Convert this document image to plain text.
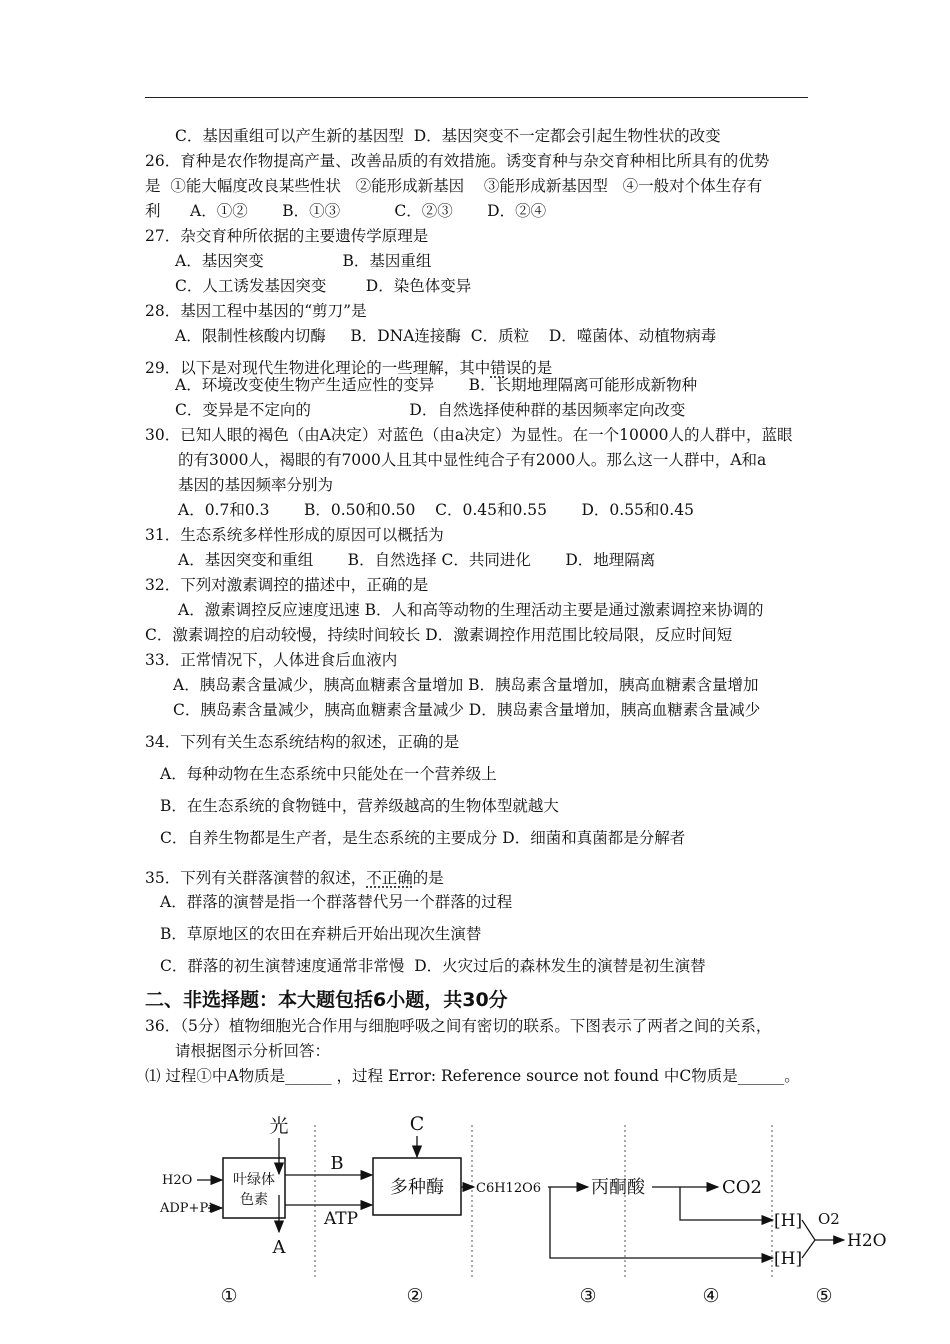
C．基因重组可以产生新的基因型  D．基因突变不一定都会引起生物性状的改变
26．育种是农作物提高产量、改善品质的有效措施。诱变育种与杂交育种相比所具有的优势
是  ①能大幅度改良某些性状   ②能形成新基因    ③能形成新基因型   ④一般对个体生存有
利      A．①②       B．①③           C．②③       D．②④
27．杂交育种所依据的主要遗传学原理是
A．基因突变                B．基因重组
C．人工诱发基因突变        D．染色体变异
28．基因工程中基因的“剪刀”是
A．限制性核酸内切酶     B．DNA连接酶  C．质粒    D．噬菌体、动植物病毒
A．环境改变使生物产生适应性的变异       B．长期地理隔离可能形成新物种
C．变异是不定向的                    D．自然选择使种群的基因频率定向改变
30．已知人眼的褐色（由A决定）对蓝色（由a决定）为显性。在一个10000人的人群中，蓝眼
的有3000人，褐眼的有7000人且其中显性纯合子有2000人。那么这一人群中，A和a
基因的基因频率分别为
A．0.7和0.3       B．0.50和0.50    C．0.45和0.55       D．0.55和0.45
31．生态系统多样性形成的原因可以概括为
A．基因突变和重组       B．自然选择 C．共同进化       D．地理隔离
32．下列对激素调控的描述中，正确的是
A．激素调控反应速度迅速 B．人和高等动物的生理活动主要是通过激素调控来协调的
C．激素调控的启动较慢，持续时间较长 D．激素调控作用范围比较局限，反应时间短
33．正常情况下，人体进食后血液内
A．胰岛素含量减少，胰高血糖素含量增加 B．胰岛素含量增加，胰高血糖素含量增加
C．胰岛素含量减少，胰高血糖素含量减少 D．胰岛素含量增加，胰高血糖素含量减少
34．下列有关生态系统结构的叙述，正确的是
A．每种动物在生态系统中只能处在一个营养级上
B．在生态系统的食物链中，营养级越高的生物体型就越大
C．自养生物都是生产者，是生态系统的主要成分 D．细菌和真菌都是分解者
A．群落的演替是指一个群落替代另一个群落的过程
B．草原地区的农田在弃耕后开始出现次生演替
C．群落的初生演替速度通常非常慢  D．火灾过后的森林发生的演替是初生演替
36．（5分）植物细胞光合作用与细胞呼吸之间有密切的联系。下图表示了两者之间的关系，
请根据图示分析回答：
⑴ 过程①中A物质是______ ，过程 Error: Reference source not found 中C物质是______。
29．以下是对现代生物进化理论的一些理解，其中错误的是
35．下列有关群落演替的叙述，不正确的是
二、非选择题：本大题包括6小题，共30分
叶绿体
色素
光
H2O
ADP+Pi
A
B
ATP
多种酶
C
C6H12O6	丙酮酸	CO2
[H]
[H]
O2
H2O
①	②	③	④	⑤
